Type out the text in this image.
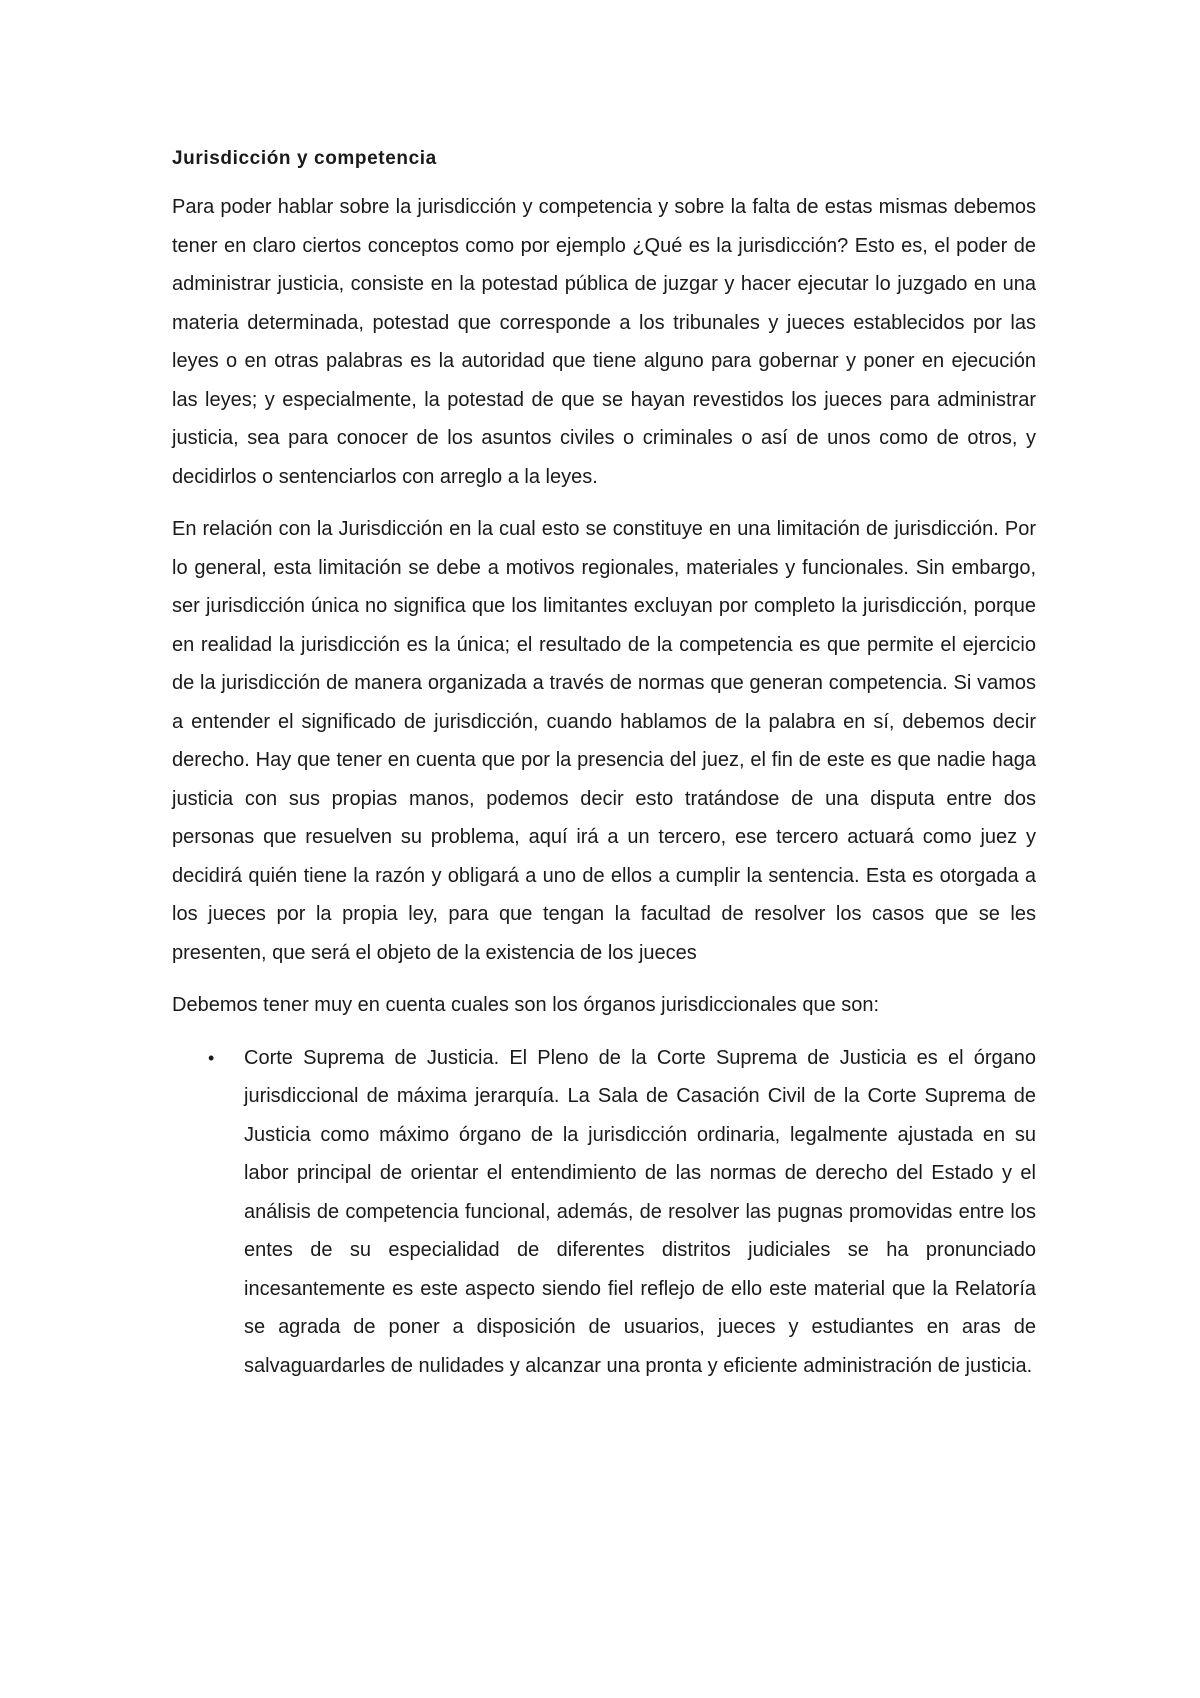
Jurisdicción y competencia

Para poder hablar sobre la jurisdicción y competencia y sobre la falta de estas mismas debemos tener en claro ciertos conceptos como por ejemplo ¿Qué es la jurisdicción? Esto es, el poder de administrar justicia, consiste en la potestad pública de juzgar y hacer ejecutar lo juzgado en una materia determinada, potestad que corresponde a los tribunales y jueces establecidos por las leyes o en otras palabras es la autoridad que tiene alguno para gobernar y poner en ejecución las leyes; y especialmente, la potestad de que se hayan revestidos los jueces para administrar justicia, sea para conocer de los asuntos civiles o criminales o así de unos como de otros, y decidirlos o sentenciarlos con arreglo a la leyes.

En relación con la Jurisdicción en la cual esto se constituye en una limitación de jurisdicción. Por lo general, esta limitación se debe a motivos regionales, materiales y funcionales. Sin embargo, ser jurisdicción única no significa que los limitantes excluyan por completo la jurisdicción, porque en realidad la jurisdicción es la única; el resultado de la competencia es que permite el ejercicio de la jurisdicción de manera organizada a través de normas que generan competencia. Si vamos a entender el significado de jurisdicción, cuando hablamos de la palabra en sí, debemos decir derecho. Hay que tener en cuenta que por la presencia del juez, el fin de este es que nadie haga justicia con sus propias manos, podemos decir esto tratándose de una disputa entre dos personas que resuelven su problema, aquí irá a un tercero, ese tercero actuará como juez y decidirá quién tiene la razón y obligará a uno de ellos a cumplir la sentencia. Esta es otorgada a los jueces por la propia ley, para que tengan la facultad de resolver los casos que se les presenten, que será el objeto de la existencia de los jueces

Debemos tener muy en cuenta cuales son los órganos jurisdiccionales que son:

• Corte Suprema de Justicia. El Pleno de la Corte Suprema de Justicia es el órgano jurisdiccional de máxima jerarquía. La Sala de Casación Civil de la Corte Suprema de Justicia como máximo órgano de la jurisdicción ordinaria, legalmente ajustada en su labor principal de orientar el entendimiento de las normas de derecho del Estado y el análisis de competencia funcional, además, de resolver las pugnas promovidas entre los entes de su especialidad de diferentes distritos judiciales se ha pronunciado incesantemente es este aspecto siendo fiel reflejo de ello este material que la Relatoría se agrada de poner a disposición de usuarios, jueces y estudiantes en aras de salvaguardarles de nulidades y alcanzar una pronta y eficiente administración de justicia.
